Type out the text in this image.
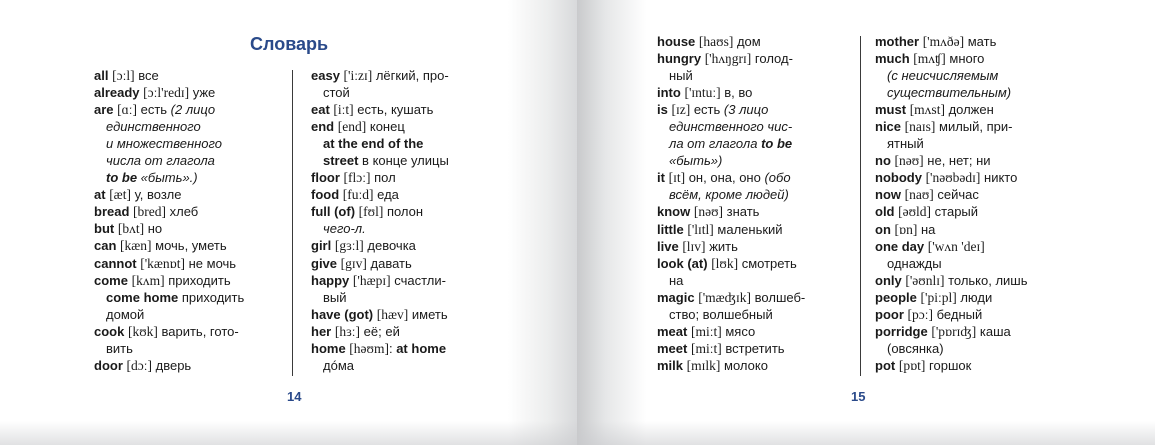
Словарь
all [ɔːl] все
already [ɔːl'redɪ] уже
are [ɑː] есть (2 лицо
единственного
и множественного
числа от глагола
to be «быть».)
at [æt] у, возле
bread [bred] хлеб
but [bʌt] но
can [kæn] мочь, уметь
cannot ['kænɒt] не мочь
come [kʌm] приходить
come home приходить
домой
cook [kʊk] варить, гото-
вить
door [dɔː] дверь
easy ['iːzɪ] лёгкий, про-
стой
eat [iːt] есть, кушать
end [end] конец
at the end of the
street в конце улицы
floor [flɔː] пол
food [fuːd] еда
full (of) [fʊl] полон
чего-л.
girl [gɜːl] девочка
give [gɪv] давать
happy ['hæpɪ] счастли-
вый
have (got) [hæv] иметь
her [hɜː] её; ей
home [həʊm]: at home
дóма
house [haʊs] дом
hungry ['hʌŋgrɪ] голод-
ный
into ['ɪntuː] в, во
is [ɪz] есть (3 лицо
единственного чис-
ла от глагола to be
«быть»)
it [ɪt] он, она, оно (обо
всём, кроме людей)
know [nəʊ] знать
little ['lɪtl] маленький
live [lɪv] жить
look (at) [lʊk] смотреть
на
magic ['mæʤɪk] волшеб-
ство; волшебный
meat [miːt] мясо
meet [miːt] встретить
milk [mɪlk] молоко
mother ['mʌðə] мать
much [mʌʧ] много
(с неисчисляемым
существительным)
must [mʌst] должен
nice [naɪs] милый, при-
ятный
no [nəʊ] не, нет; ни
nobody ['nəʊbədɪ] никто
now [naʊ] сейчас
old [əʊld] старый
on [ɒn] на
one day ['wʌn 'deɪ]
однажды
only ['əʊnlɪ] только, лишь
people ['piːpl] люди
poor [pɔː] бедный
porridge ['pɒrɪʤ] каша
(овсянка)
pot [pɒt] горшок
14	15
